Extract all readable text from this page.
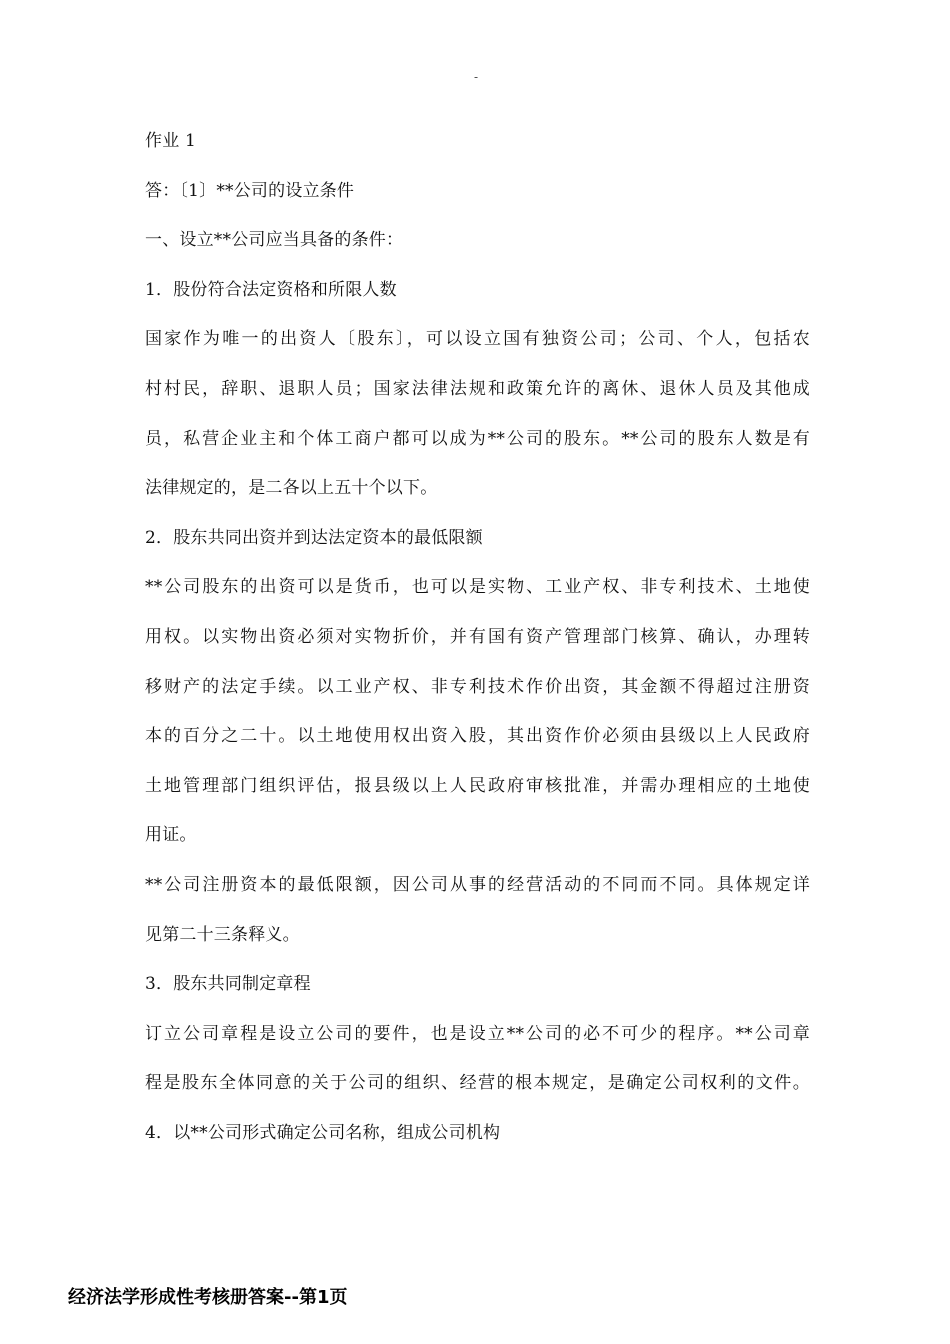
-
作业 1
答：〔1〕**公司的设立条件
一、设立**公司应当具备的条件：
1．股份符合法定资格和所限人数
国家作为唯一的出资人〔股东〕，可以设立国有独资公司；公司、个人，包括农
村村民，辞职、退职人员；国家法律法规和政策允许的离休、退休人员及其他成
员，私营企业主和个体工商户都可以成为**公司的股东。**公司的股东人数是有
法律规定的，是二各以上五十个以下。
2．股东共同出资并到达法定资本的最低限额
**公司股东的出资可以是货币，也可以是实物、工业产权、非专利技术、土地使
用权。以实物出资必须对实物折价，并有国有资产管理部门核算、确认，办理转
移财产的法定手续。以工业产权、非专利技术作价出资，其金额不得超过注册资
本的百分之二十。以土地使用权出资入股，其出资作价必须由县级以上人民政府
土地管理部门组织评估，报县级以上人民政府审核批准，并需办理相应的土地使
用证。
**公司注册资本的最低限额，因公司从事的经营活动的不同而不同。具体规定详
见第二十三条释义。
3．股东共同制定章程
订立公司章程是设立公司的要件，也是设立**公司的必不可少的程序。**公司章
程是股东全体同意的关于公司的组织、经营的根本规定，是确定公司权利的文件。
4．以**公司形式确定公司名称，组成公司机构
经济法学形成性考核册答案--第1页
